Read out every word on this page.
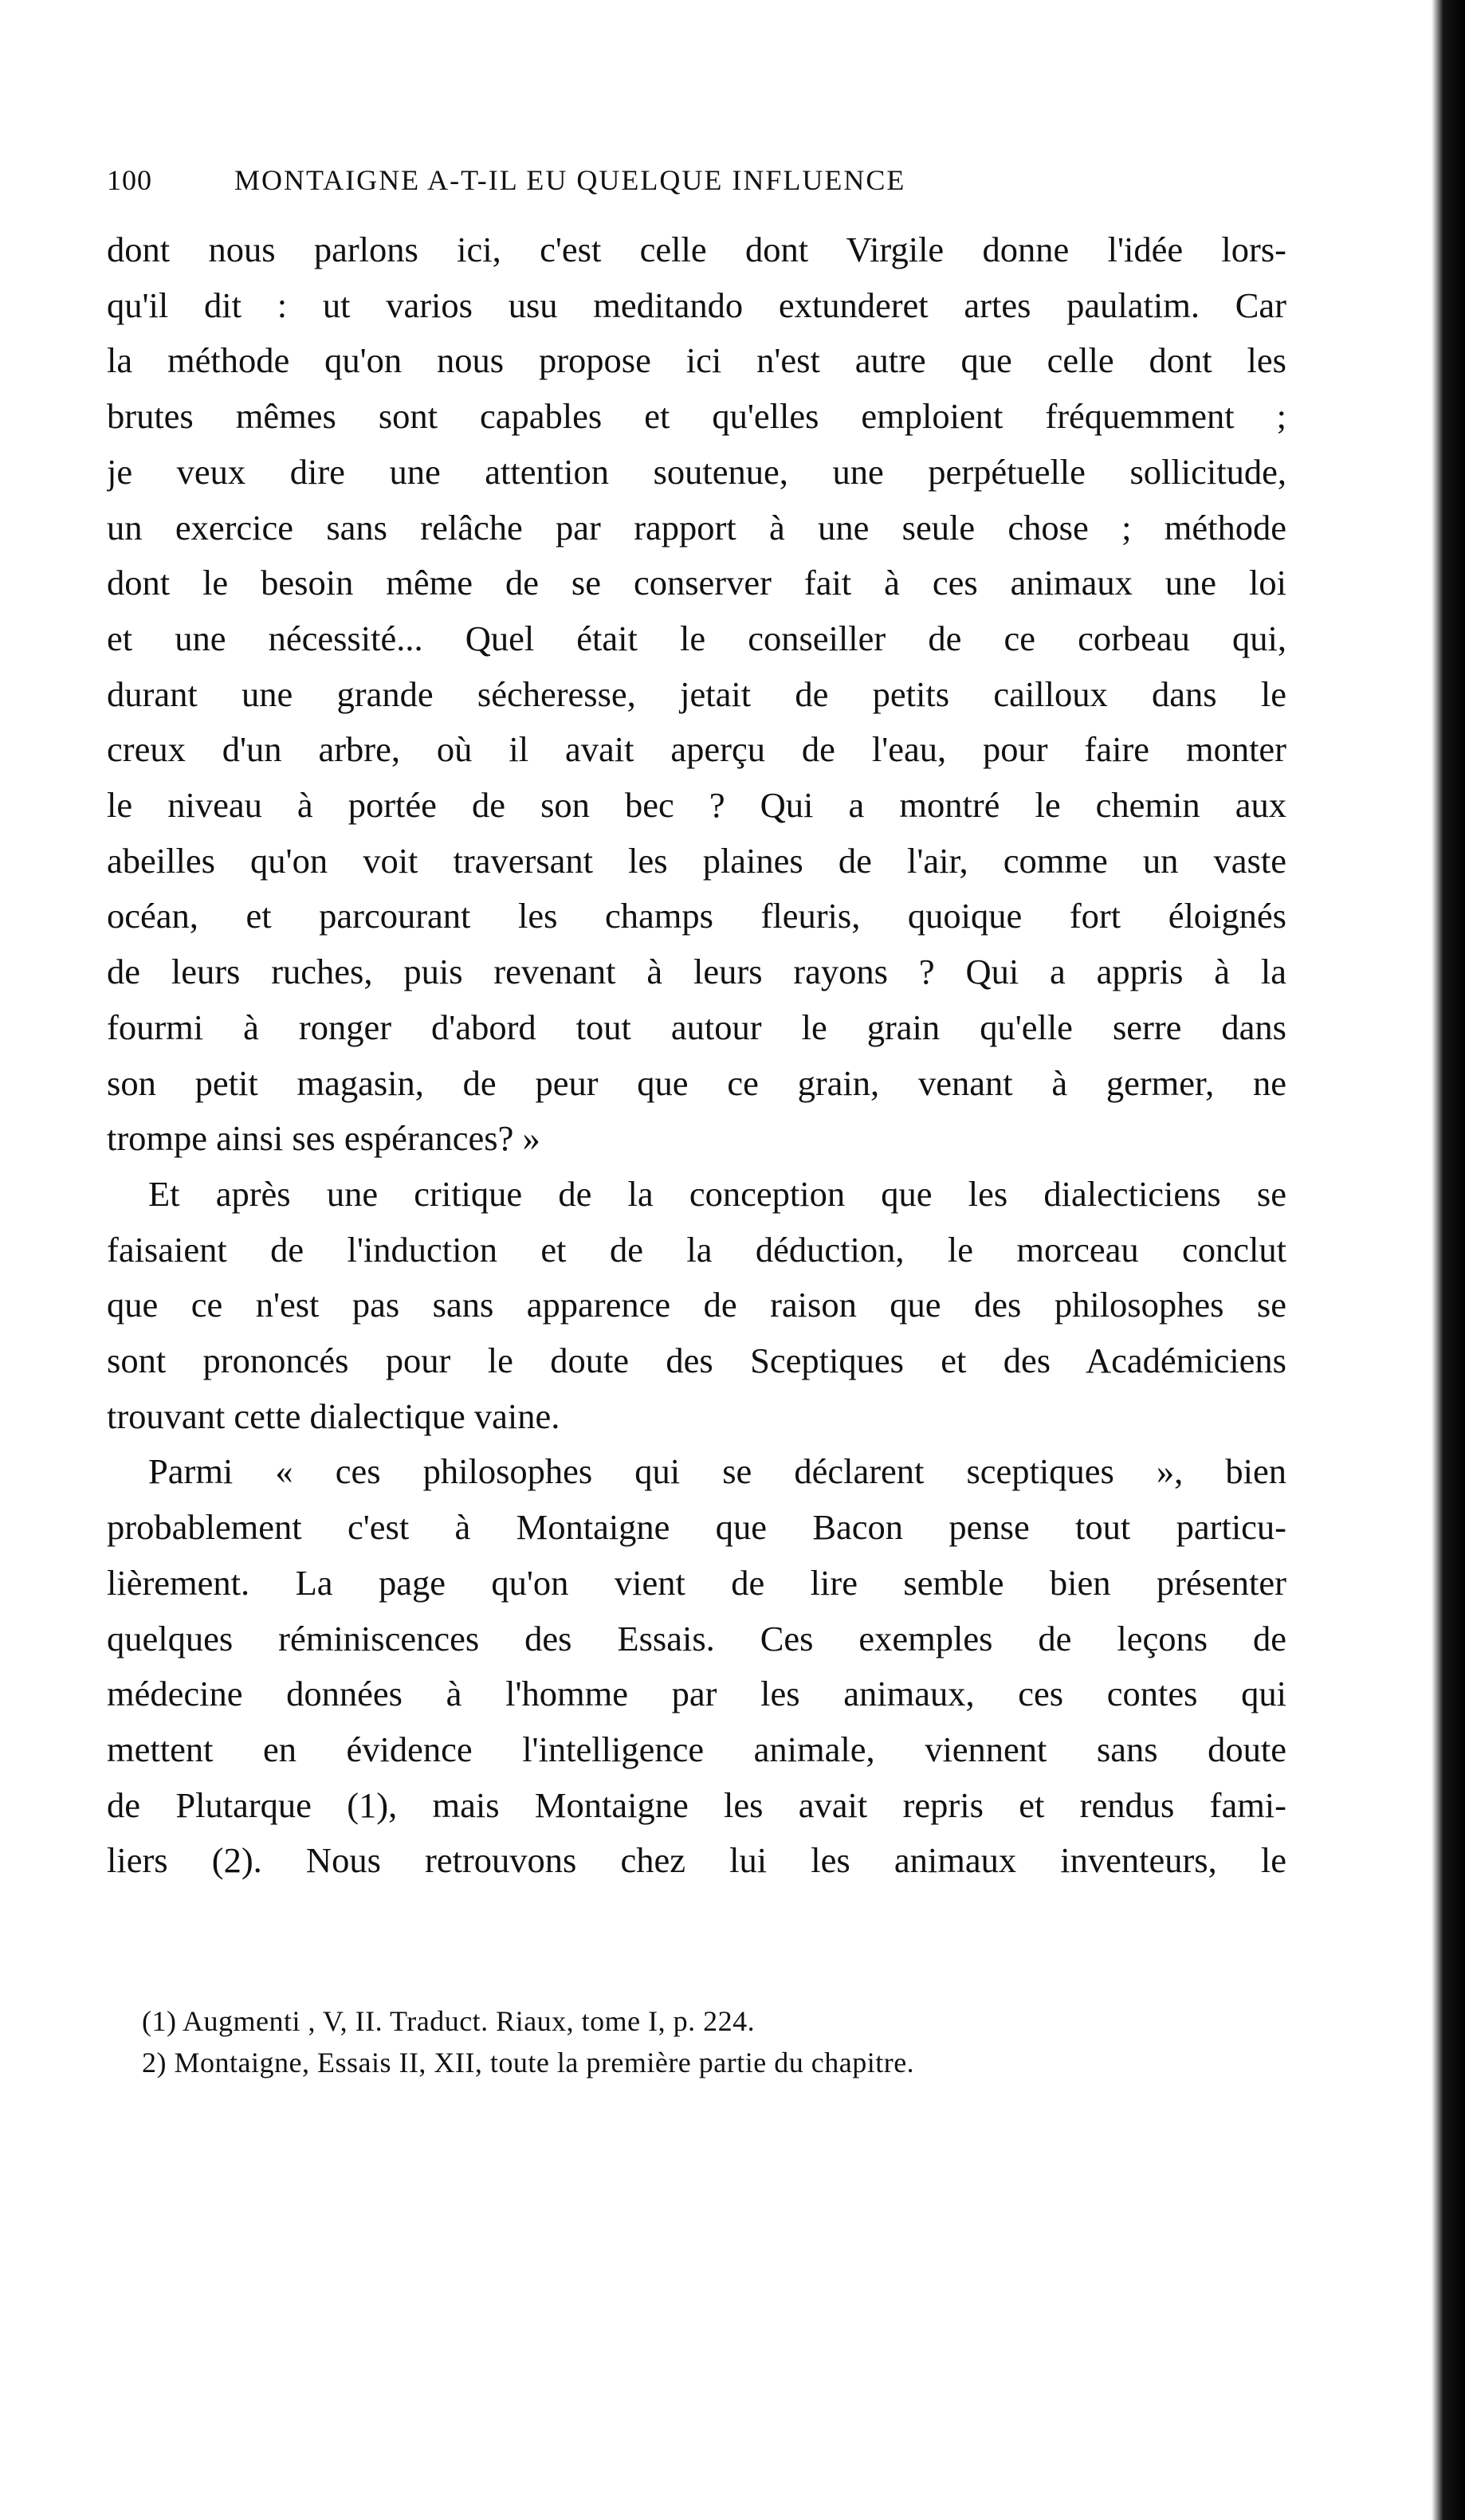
100	MONTAIGNE A-T-IL EU QUELQUE INFLUENCE
dont nous parlons ici, c'est celle dont Virgile donne l'idée lors-
qu'il dit : ut varios usu meditando extunderet artes paulatim. Car
la méthode qu'on nous propose ici n'est autre que celle dont les
brutes mêmes sont capables et qu'elles emploient fréquemment ;
je veux dire une attention soutenue, une perpétuelle sollicitude,
un exercice sans relâche par rapport à une seule chose ; méthode
dont le besoin même de se conserver fait à ces animaux une loi
et une nécessité... Quel était le conseiller de ce corbeau qui,
durant une grande sécheresse, jetait de petits cailloux dans le
creux d'un arbre, où il avait aperçu de l'eau, pour faire monter
le niveau à portée de son bec ? Qui a montré le chemin aux
abeilles qu'on voit traversant les plaines de l'air, comme un vaste
océan, et parcourant les champs fleuris, quoique fort éloignés
de leurs ruches, puis revenant à leurs rayons ? Qui a appris à la
fourmi à ronger d'abord tout autour le grain qu'elle serre dans
son petit magasin, de peur que ce grain, venant à germer, ne
trompe ainsi ses espérances? »
Et après une critique de la conception que les dialecticiens se
faisaient de l'induction et de la déduction, le morceau conclut
que ce n'est pas sans apparence de raison que des philosophes se
sont prononcés pour le doute des Sceptiques et des Académiciens
trouvant cette dialectique vaine.
Parmi « ces philosophes qui se déclarent sceptiques », bien
probablement c'est à Montaigne que Bacon pense tout particu-
lièrement. La page qu'on vient de lire semble bien présenter
quelques réminiscences des Essais. Ces exemples de leçons de
médecine données à l'homme par les animaux, ces contes qui
mettent en évidence l'intelligence animale, viennent sans doute
de Plutarque (1), mais Montaigne les avait repris et rendus fami-
liers (2). Nous retrouvons chez lui les animaux inventeurs, le
(1) Augmenti , V, II. Traduct. Riaux, tome I, p. 224.
2) Montaigne, Essais II, XII, toute la première partie du chapitre.
